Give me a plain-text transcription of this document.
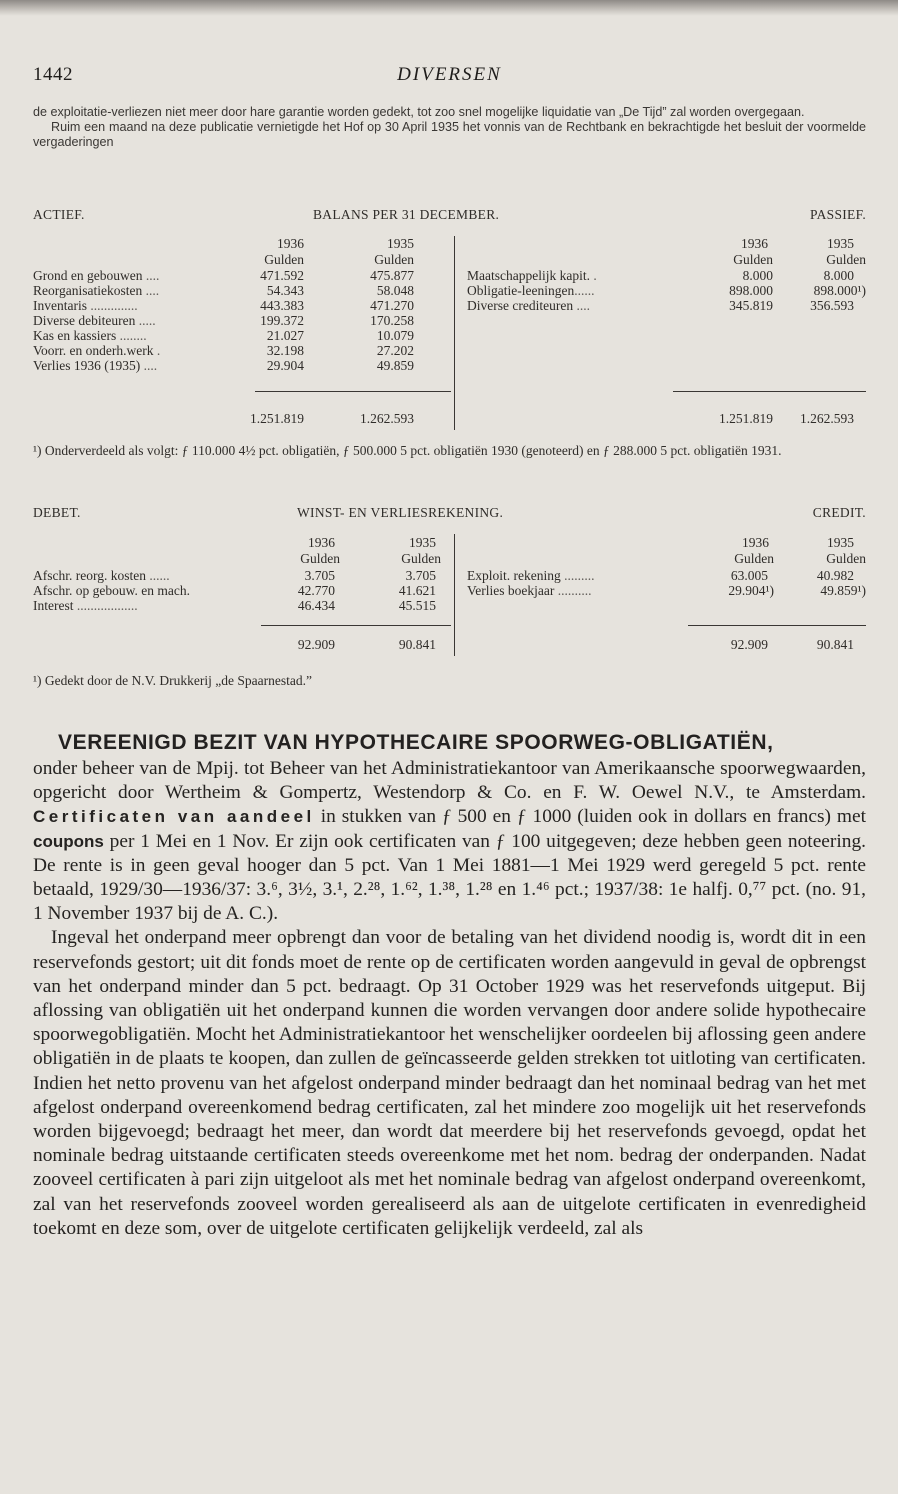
1442	DIVERSEN

de exploitatie-verliezen niet meer door hare garantie worden gedekt, tot zoo snel mogelijke liquidatie van „De Tijd” zal worden overgegaan.

Ruim een maand na deze publicatie vernietigde het Hof op 30 April 1935 het vonnis van de Rechtbank en bekrachtigde het besluit der voormelde vergaderingen

ACTIEF.	BALANS PER 31 DECEMBER.	PASSIEF.
1936	1935
Gulden	Gulden
1936	1935
Gulden	Gulden
Grond en gebouwen ....	471.592	475.877
Reorganisatiekosten ....	54.343	58.048
Inventaris ..............	443.383	471.270
Diverse debiteuren .....	199.372	170.258
Kas en kassiers ........	21.027	10.079
Voorr. en onderh.werk .	32.198	27.202
Verlies 1936 (1935) ....	29.904	49.859
Maatschappelijk kapit. .	8.000	8.000
Obligatie-leeningen......	898.000	898.000¹)
Diverse crediteuren ....	345.819	356.593
1.251.819	1.262.593	1.251.819 1.262.593

¹) Onderverdeeld als volgt: ƒ 110.000 4½ pct. obligatiën, ƒ 500.000 5 pct. obligatiën 1930 (genoteerd) en ƒ 288.000 5 pct. obligatiën 1931.

DEBET.	WINST- EN VERLIESREKENING.	CREDIT.
1936	1935
Gulden	Gulden
1936	1935
Gulden	Gulden
Afschr. reorg. kosten ......	3.705	3.705
Afschr. op gebouw. en mach.	42.770	41.621
Interest ..................	46.434	45.515
Exploit. rekening .........	63.005	40.982
Verlies boekjaar ..........	29.904¹)	49.859¹)
92.909	90.841	92.909	90.841

¹) Gedekt door de N.V. Drukkerij „de Spaarnestad.”

VEREENIGD BEZIT VAN HYPOTHECAIRE SPOORWEG-OBLIGATIËN,

onder beheer van de Mpij. tot Beheer van het Administratiekantoor van Amerikaansche spoorwegwaarden, opgericht door Wertheim & Gompertz, Westendorp & Co. en F. W. Oewel N.V., te Amsterdam. Certificaten van aandeel in stukken van ƒ 500 en ƒ 1000 (luiden ook in dollars en francs) met coupons per 1 Mei en 1 Nov. Er zijn ook certificaten van ƒ 100 uitgegeven; deze hebben geen noteering. De rente is in geen geval hooger dan 5 pct. Van 1 Mei 1881—1 Mei 1929 werd geregeld 5 pct. rente betaald, 1929/30—1936/37: 3.⁶, 3½, 3.¹, 2.²⁸, 1.⁶², 1.³⁸, 1.²⁸ en 1.⁴⁶ pct.; 1937/38: 1e halfj. 0,⁷⁷ pct. (no. 91, 1 November 1937 bij de A. C.).

Ingeval het onderpand meer opbrengt dan voor de betaling van het dividend noodig is, wordt dit in een reservefonds gestort; uit dit fonds moet de rente op de certificaten worden aangevuld in geval de opbrengst van het onderpand minder dan 5 pct. bedraagt. Op 31 October 1929 was het reservefonds uitgeput. Bij aflossing van obligatiën uit het onderpand kunnen die worden vervangen door andere solide hypothecaire spoorwegobligatiën. Mocht het Administratiekantoor het wenschelijker oordeelen bij aflossing geen andere obligatiën in de plaats te koopen, dan zullen de geïncasseerde gelden strekken tot uitloting van certificaten. Indien het netto provenu van het afgelost onderpand minder bedraagt dan het nominaal bedrag van het met afgelost onderpand overeenkomend bedrag certificaten, zal het mindere zoo mogelijk uit het reservefonds worden bijgevoegd; bedraagt het meer, dan wordt dat meerdere bij het reservefonds gevoegd, opdat het nominale bedrag uitstaande certificaten steeds overeenkome met het nom. bedrag der onderpanden. Nadat zooveel certificaten à pari zijn uitgeloot als met het nominale bedrag van afgelost onderpand overeenkomt, zal van het reservefonds zooveel worden gerealiseerd als aan de uitgelote certificaten in evenredigheid toekomt en deze som, over de uitgelote certificaten gelijkelijk verdeeld, zal als
